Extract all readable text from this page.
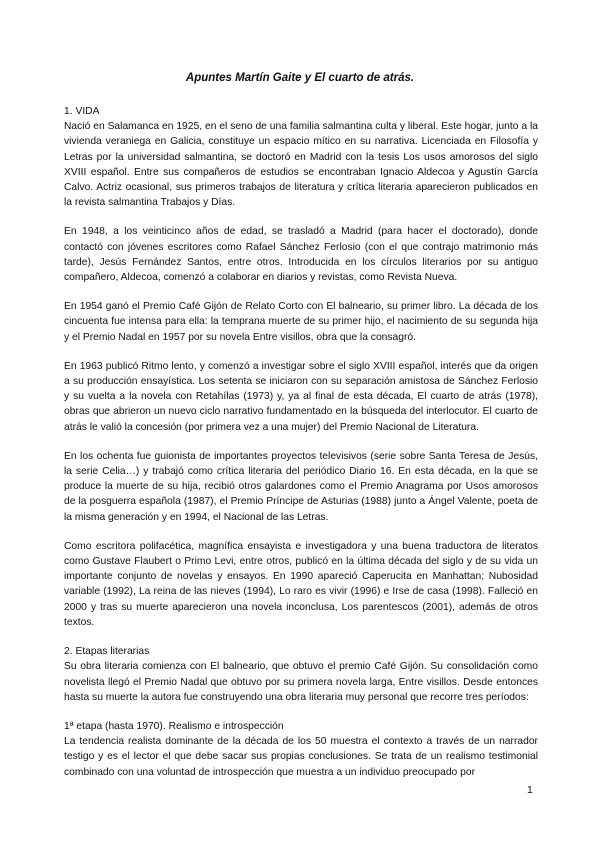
Apuntes Martín Gaite y El cuarto de atrás.
1. VIDA

Nació en Salamanca en 1925, en el seno de una familia salmantina culta y liberal. Este hogar, junto a la vivienda veraniega en Galicia, constituye un espacio mítico en su narrativa. Licenciada en Filosofía y Letras por la universidad salmantina, se doctoró en Madrid con la tesis Los usos amorosos del siglo XVIII español. Entre sus compañeros de estudios se encontraban Ignacio Aldecoa y Agustín García Calvo. Actriz ocasional, sus primeros trabajos de literatura y crítica literaria aparecieron publicados en la revista salmantina Trabajos y Días.

En 1948, a los veinticinco años de edad, se trasladó a Madrid (para hacer el doctorado), donde contactó con jóvenes escritores como Rafael Sánchez Ferlosio (con el que contrajo matrimonio más tarde), Jesús Fernández Santos, entre otros. Introducida en los círculos literarios por su antiguo compañero, Aldecoa, comenzó a colaborar en diarios y revistas, como Revista Nueva.

En 1954 ganó el Premio Café Gijón de Relato Corto con El balneario, su primer libro. La década de los cincuenta fue intensa para ella: la temprana muerte de su primer hijo, el nacimiento de su segunda hija y el Premio Nadal en 1957 por su novela Entre visillos, obra que la consagró.

En 1963 publicó Ritmo lento, y comenzó a investigar sobre el siglo XVIII español, interés que da origen a su producción ensayística. Los setenta se iniciaron con su separación amistosa de Sánchez Ferlosio y su vuelta a la novela con Retahílas (1973) y, ya al final de esta década, El cuarto de atrás (1978), obras que abrieron un nuevo ciclo narrativo fundamentado en la búsqueda del interlocutor. El cuarto de atrás le valió la concesión (por primera vez a una mujer) del Premio Nacional de Literatura.

En los ochenta fue guionista de importantes proyectos televisivos (serie sobre Santa Teresa de Jesús, la serie Celia…) y trabajó como crítica literaria del periódico Diario 16. En esta década, en la que se produce la muerte de su hija, recibió otros galardones como el Premio Anagrama por Usos amorosos de la posguerra española (1987), el Premio Príncipe de Asturias (1988) junto a Ángel Valente, poeta de la misma generación y en 1994, el Nacional de las Letras.

Como escritora polifacética, magnífica ensayista e investigadora y una buena traductora de literatos como Gustave Flaubert o Primo Levi, entre otros, publicó en la última década del siglo y de su vida un importante conjunto de novelas y ensayos. En 1990 apareció Caperucita en Manhattan; Nubosidad variable (1992), La reina de las nieves (1994), Lo raro es vivir (1996) e Irse de casa (1998). Falleció en 2000 y tras su muerte aparecieron una novela inconclusa, Los parentescos (2001), además de otros textos.

2. Etapas literarias

Su obra literaria comienza con El balneario, que obtuvo el premio Café Gijón. Su consolidación como novelista llegó el Premio Nadal que obtuvo por su primera novela larga, Entre visillos. Desde entonces hasta su muerte la autora fue construyendo una obra literaria muy personal que recorre tres períodos:

1ª etapa (hasta 1970). Realismo e introspección

La tendencia realista dominante de la década de los 50 muestra el contexto a través de un narrador testigo y es el lector el que debe sacar sus propias conclusiones. Se trata de un realismo testimonial combinado con una voluntad de introspección que muestra a un individuo preocupado por

1
